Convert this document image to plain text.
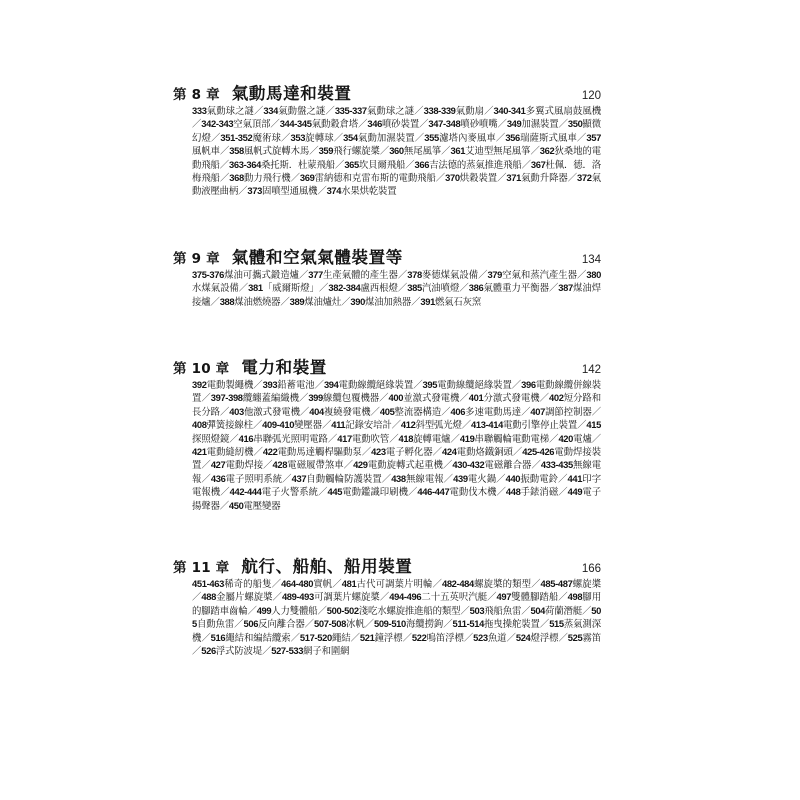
第 8 章 氣動馬達和裝置	120
333氣動球之謎／334氣動盤之謎／335-337氣動球之謎／338-339氣動扇／340-341多翼式風扇鼓風機／342-343空氣頂部／344-345氣動穀倉塔／346噴砂裝置／347-348噴砂噴嘴／349加濕裝置／350顯微幻燈／351-352魔術球／353旋轉球／354氣動加濕裝置／355濾塔內麥風車／356瑞薩斯式風車／357風帆車／358風帆式旋轉木馬／359飛行螺旋槳／360無尾風箏／361艾迪型無尾風箏／362狄桑地的電動飛船／363-364桑托斯．杜蒙飛船／365坎貝爾飛船／366吉法德的蒸氣推進飛船／367杜佩．德．洛梅飛船／368動力飛行機／369雷納德和克雷布斯的電動飛船／370烘穀裝置／371氣動升降器／372氣動液壓曲柄／373固噴型通風機／374水果烘乾裝置
第 9 章 氣體和空氣氣體裝置等	134
375-376煤油可攜式鍛造爐／377生產氣體的產生器／378麥德煤氣設備／379空氣和蒸汽產生器／380水煤氣設備／381「威爾斯燈」／382-384盧西根燈／385汽油噴燈／386氣體重力平衡器／387煤油焊接爐／388煤油燃燒器／389煤油爐灶／390煤油加熱器／391燃氣石灰窯
第 10 章 電力和裝置	142
392電動製繩機／393鉛蓄電池／394電動線纜絕緣裝置／395電動線纜絕緣裝置／396電動線纜併線裝置／397-398纜纏蓋編織機／399線纜包覆機器／400並激式發電機／401分激式發電機／402短分路和長分路／403他激式發電機／404複繞發電機／405整流器構造／406多速電動馬達／407調節控制器／408彈簧接線柱／409-410變壓器／411記錄安培計／412斜型弧光燈／413-414電動引擎停止裝置／415探照燈鏡／416串聯弧光照明電路／417電動吹管／418旋轉電爐／419串聯觸輪電動電梯／420電爐／421電動縫紉機／422電動馬達觸桿驅動泵／423電子孵化器／424電動烙鐵銅頭／425-426電動焊接裝置／427電動焊接／428電磁履帶煞車／429電動旋轉式起重機／430-432電磁離合器／433-435無線電報／436電子照明系統／437自動觸輪防護裝置／438無線電報／439電火鍋／440振動電鈴／441印字電報機／442-444電子火警系統／445電動鑑識印刷機／446-447電動伐木機／448手錶消磁／449電子揚聲器／450電壓變器
第 11 章 航行、船舶、船用裝置	166
451-463稀奇的船隻／464-480實帆／481古代可調葉片明輪／482-484螺旋槳的類型／485-487螺旋槳／488金屬片螺旋槳／489-493可調葉片螺旋槳／494-496二十五英呎汽艇／497雙體腳踏船／498腳用的腳踏車齒輪／499人力雙體船／500-502淺吃水螺旋推進船的類型／503飛船魚雷／504荷蘭潛艇／505自動魚雷／506反向離合器／507-508冰帆／509-510海纜撈鉤／511-514拖曳操舵裝置／515蒸氣測深機／516繩結和編結纜索／517-520繩結／521鐘浮標／522鳴笛浮標／523魚道／524燈浮標／525霧笛／526浮式防波堤／527-533網子和圍網
